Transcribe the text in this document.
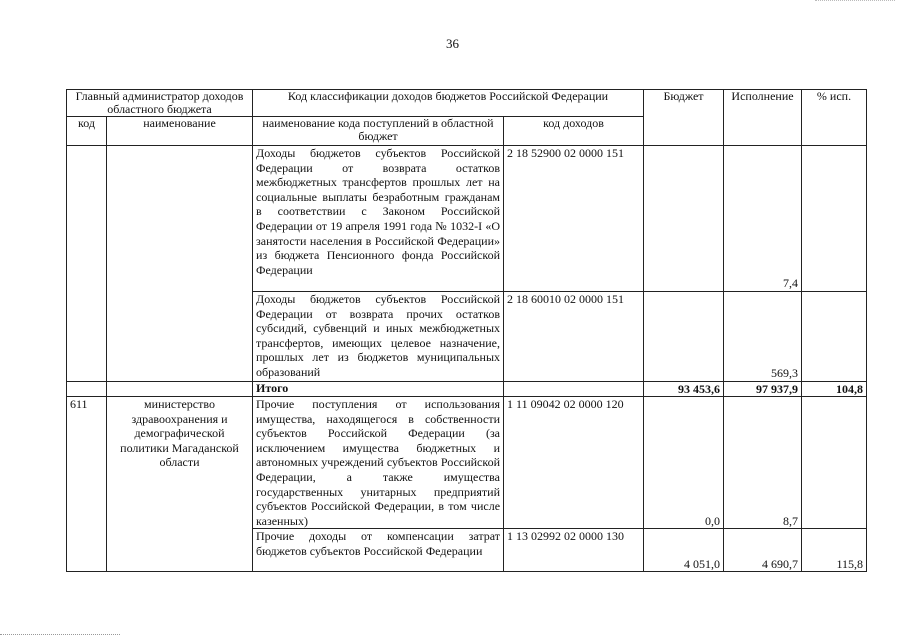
36
Главный администратор доходов областного бюджета		Код классификации доходов бюджетов Российской Федерации		Бюджет	Исполнение	% исп.
код	наименование	наименование кода поступлений в областной бюджет	код доходов			
		Доходы бюджетов субъектов Российской Федерации от возврата остатков межбюджетных трансфертов прошлых лет на социальные выплаты безработным гражданам в соответствии с Законом Российской Федерации от 19 апреля 1991 года № 1032-I «О занятости населения в Российской Федерации» из бюджета Пенсионного фонда Российской Федерации	2 18 52900 02 0000 151		7,4	
		Доходы бюджетов субъектов Российской Федерации от возврата прочих остатков субсидий, субвенций и иных межбюджетных трансфертов, имеющих целевое назначение, прошлых лет из бюджетов муниципальных образований	2 18 60010 02 0000 151		569,3	
		Итого		93 453,6	97 937,9	104,8
611	министерство здравоохранения и демографической политики Магаданской области	Прочие поступления от использования имущества, находящегося в собственности субъектов Российской Федерации (за исключением имущества бюджетных и автономных учреждений субъектов Российской Федерации, а также имущества государственных унитарных предприятий субъектов Российской Федерации, в том числе казенных)	1 11 09042 02 0000 120	0,0	8,7	
		Прочие доходы от компенсации затрат бюджетов субъектов Российской Федерации	1 13 02992 02 0000 130	4 051,0	4 690,7	115,8
